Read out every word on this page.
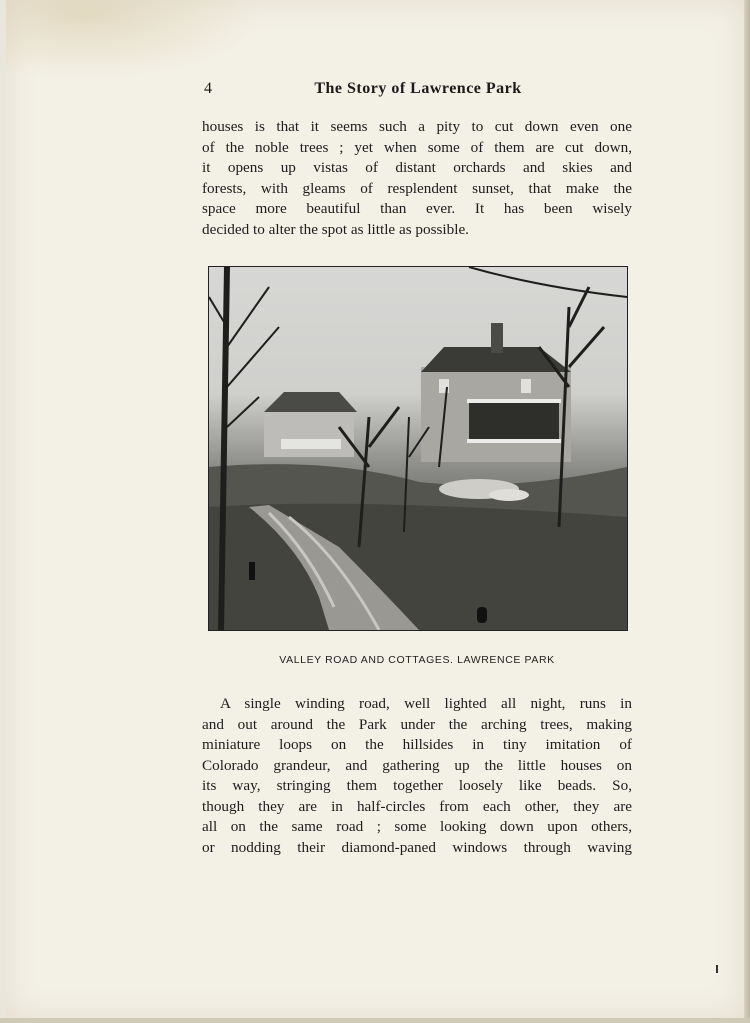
4	The Story of Lawrence Park

houses is that it seems such a pity to cut down even one
of the noble trees ; yet when some of them are cut down,
it opens up vistas of distant orchards and skies and
forests, with gleams of resplendent sunset, that make the
space more beautiful than ever. It has been wisely
decided to alter the spot as little as possible.

VALLEY ROAD AND COTTAGES. LAWRENCE PARK

A single winding road, well lighted all night, runs in
and out around the Park under the arching trees, making
miniature loops on the hillsides in tiny imitation of
Colorado grandeur, and gathering up the little houses on
its way, stringing them together loosely like beads. So,
though they are in half-circles from each other, they are
all on the same road ; some looking down upon others,
or nodding their diamond-paned windows through waving
